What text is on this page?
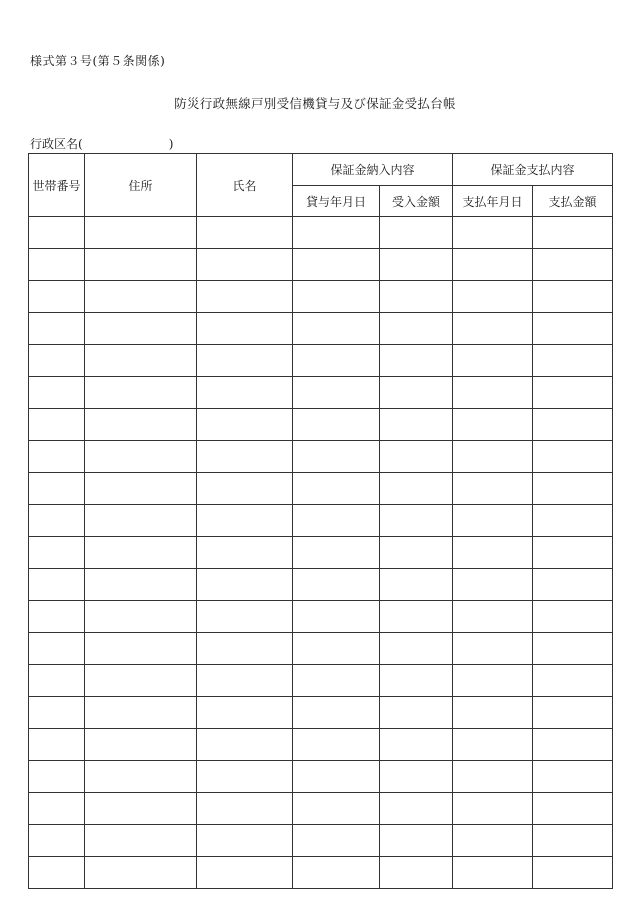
様式第３号(第５条関係)
防災行政無線戸別受信機貸与及び保証金受払台帳
行政区名(	)
世帯番号	住所	氏名	保証金納入内容		保証金支払内容	
			貸与年月日	受入金額	支払年月日	支払金額
